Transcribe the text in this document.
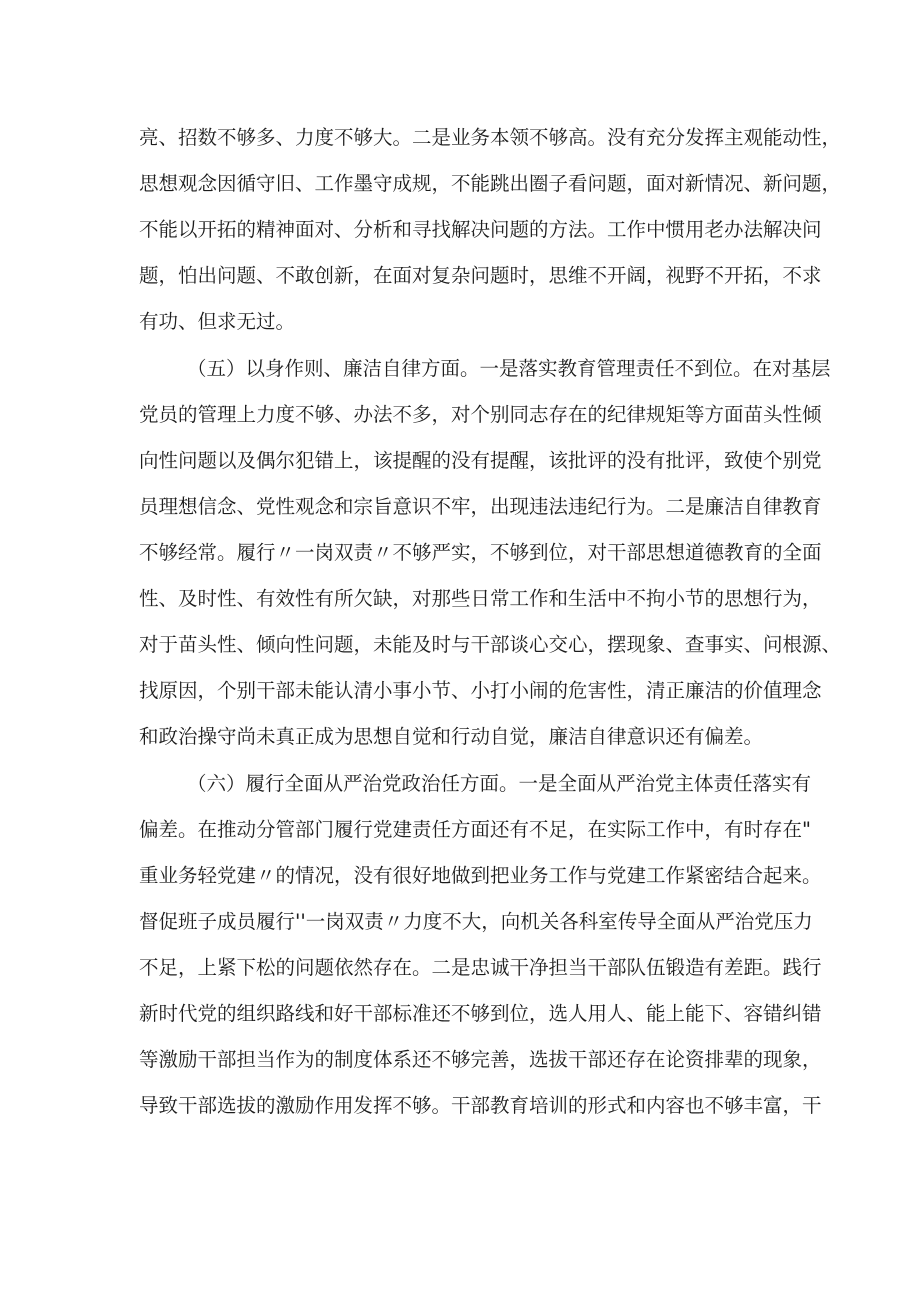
亮、招数不够多、力度不够大。二是业务本领不够高。没有充分发挥主观能动性，
思想观念因循守旧、工作墨守成规，不能跳出圈子看问题，面对新情况、新问题，
不能以开拓的精神面对、分析和寻找解决问题的方法。工作中惯用老办法解决问
题，怕出问题、不敢创新，在面对复杂问题时，思维不开阔，视野不开拓，不求
有功、但求无过。
（五）以身作则、廉洁自律方面。一是落实教育管理责任不到位。在对基层
党员的管理上力度不够、办法不多，对个别同志存在的纪律规矩等方面苗头性倾
向性问题以及偶尔犯错上，该提醒的没有提醒，该批评的没有批评，致使个别党
员理想信念、党性观念和宗旨意识不牢，出现违法违纪行为。二是廉洁自律教育
不够经常。履行〃一岗双责〃不够严实，不够到位，对干部思想道德教育的全面
性、及时性、有效性有所欠缺，对那些日常工作和生活中不拘小节的思想行为，
对于苗头性、倾向性问题，未能及时与干部谈心交心，摆现象、查事实、问根源、
找原因，个别干部未能认清小事小节、小打小闹的危害性，清正廉洁的价值理念
和政治操守尚未真正成为思想自觉和行动自觉，廉洁自律意识还有偏差。
（六）履行全面从严治党政治任方面。一是全面从严治党主体责任落实有
偏差。在推动分管部门履行党建责任方面还有不足，在实际工作中，有时存在"
重业务轻党建〃的情况，没有很好地做到把业务工作与党建工作紧密结合起来。
督促班子成员履行''一岗双责〃力度不大，向机关各科室传导全面从严治党压力
不足，上紧下松的问题依然存在。二是忠诚干净担当干部队伍锻造有差距。践行
新时代党的组织路线和好干部标准还不够到位，选人用人、能上能下、容错纠错
等激励干部担当作为的制度体系还不够完善，选拔干部还存在论资排辈的现象，
导致干部选拔的激励作用发挥不够。干部教育培训的形式和内容也不够丰富，干
